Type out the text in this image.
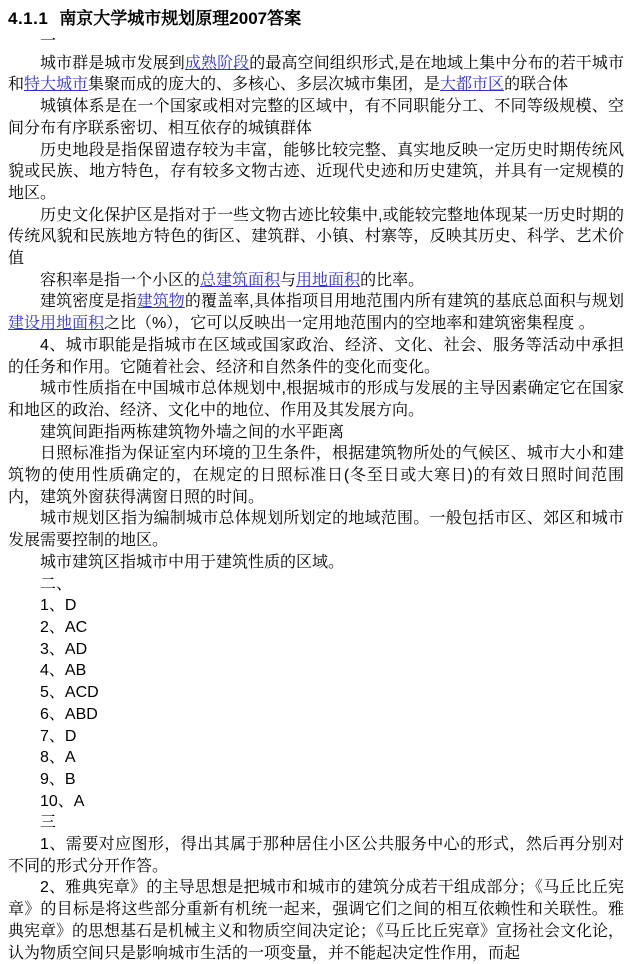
4.1.1 南京大学城市规划原理2007答案

一

城市群是城市发展到成熟阶段的最高空间组织形式,是在地域上集中分布的若干城市和特大城市集聚而成的庞大的、多核心、多层次城市集团，是大都市区的联合体

城镇体系是在一个国家或相对完整的区域中，有不同职能分工、不同等级规模、空间分布有序联系密切、相互依存的城镇群体

历史地段是指保留遗存较为丰富，能够比较完整、真实地反映一定历史时期传统风貌或民族、地方特色，存有较多文物古迹、近现代史迹和历史建筑，并具有一定规模的地区。

历史文化保护区是指对于一些文物古迹比较集中,或能较完整地体现某一历史时期的传统风貌和民族地方特色的街区、建筑群、小镇、村寨等，反映其历史、科学、艺术价值

容积率是指一个小区的总建筑面积与用地面积的比率。

建筑密度是指建筑物的覆盖率,具体指项目用地范围内所有建筑的基底总面积与规划建设用地面积之比（%），它可以反映出一定用地范围内的空地率和建筑密集程度 。

4、城市职能是指城市在区域或国家政治、经济、文化、社会、服务等活动中承担的任务和作用。它随着社会、经济和自然条件的变化而变化。

城市性质指在中国城市总体规划中,根据城市的形成与发展的主导因素确定它在国家和地区的政治、经济、文化中的地位、作用及其发展方向。

建筑间距指两栋建筑物外墙之间的水平距离

日照标准指为保证室内环境的卫生条件，根据建筑物所处的气候区、城市大小和建筑物的使用性质确定的，在规定的日照标准日(冬至日或大寒日)的有效日照时间范围内，建筑外窗获得满窗日照的时间。

城市规划区指为编制城市总体规划所划定的地域范围。一般包括市区、郊区和城市发展需要控制的地区。

城市建筑区指城市中用于建筑性质的区域。

二、

1、D

2、AC

3、AD

4、AB

5、ACD

6、ABD

7、D

8、A

9、B

10、A

三

1、需要对应图形，得出其属于那种居住小区公共服务中心的形式，然后再分别对不同的形式分开作答。

2、雅典宪章》的主导思想是把城市和城市的建筑分成若干组成部分；《马丘比丘宪章》的目标是将这些部分重新有机统一起来，强调它们之间的相互依赖性和关联性。雅典宪章》的思想基石是机械主义和物质空间决定论；《马丘比丘宪章》宣扬社会文化论，认为物质空间只是影响城市生活的一项变量，并不能起决定性作用，而起
